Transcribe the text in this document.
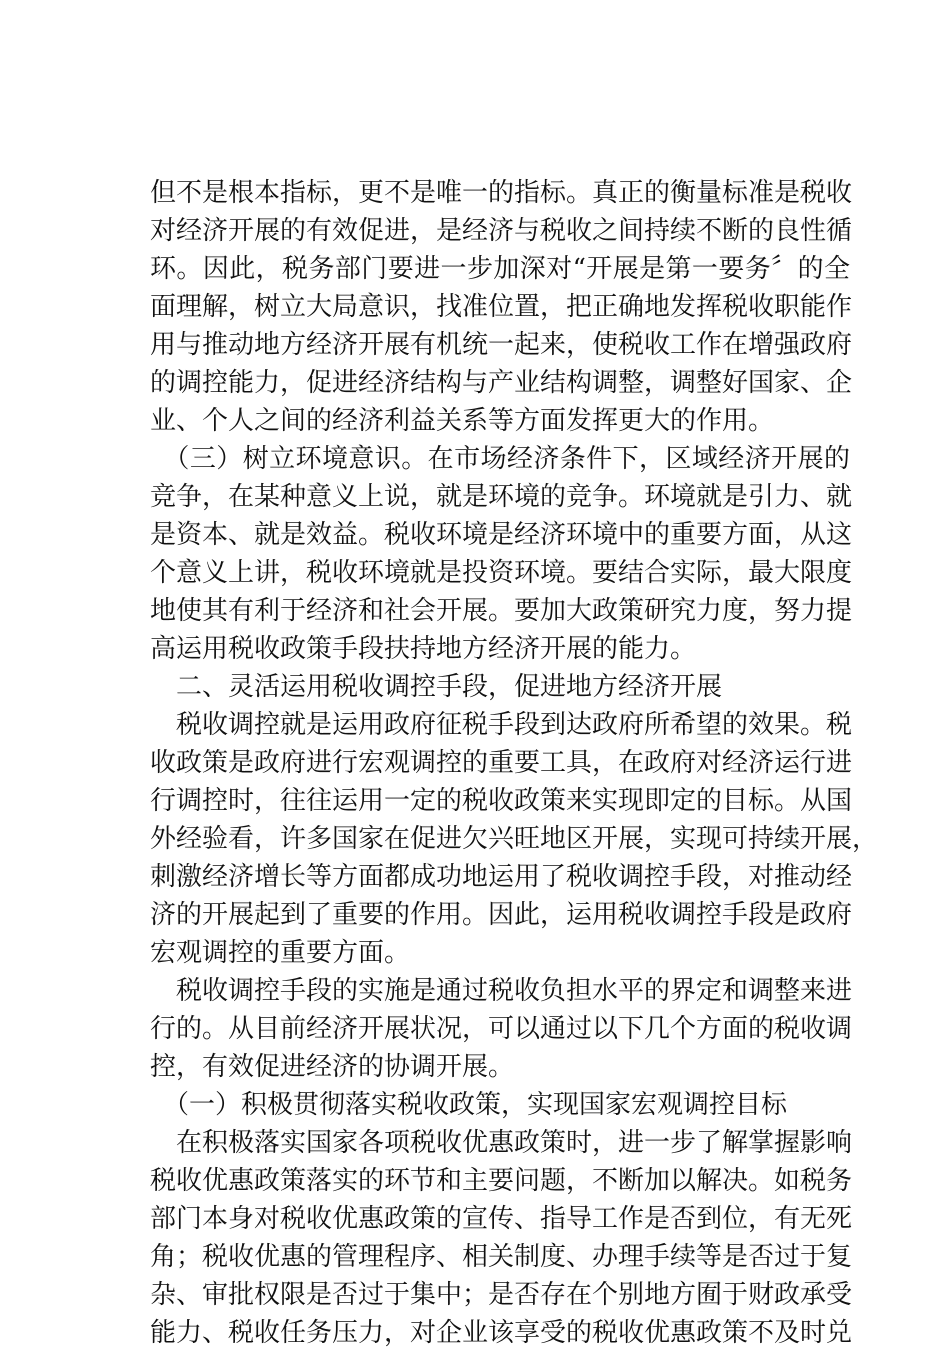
但不是根本指标，更不是唯一的指标。真正的衡量标准是税收
对经济开展的有效促进，是经济与税收之间持续不断的良性循
环。因此，税务部门要进一步加深对“开展是第一要务〞的全
面理解，树立大局意识，找准位置，把正确地发挥税收职能作
用与推动地方经济开展有机统一起来，使税收工作在增强政府
的调控能力，促进经济结构与产业结构调整，调整好国家、企
业、个人之间的经济利益关系等方面发挥更大的作用。
　（三）树立环境意识。在市场经济条件下，区域经济开展的
竞争，在某种意义上说，就是环境的竞争。环境就是引力、就
是资本、就是效益。税收环境是经济环境中的重要方面，从这
个意义上讲，税收环境就是投资环境。要结合实际，最大限度
地使其有利于经济和社会开展。要加大政策研究力度，努力提
高运用税收政策手段扶持地方经济开展的能力。
　二、灵活运用税收调控手段，促进地方经济开展
　税收调控就是运用政府征税手段到达政府所希望的效果。税
收政策是政府进行宏观调控的重要工具，在政府对经济运行进
行调控时，往往运用一定的税收政策来实现即定的目标。从国
外经验看，许多国家在促进欠兴旺地区开展，实现可持续开展，
刺激经济增长等方面都成功地运用了税收调控手段，对推动经
济的开展起到了重要的作用。因此，运用税收调控手段是政府
宏观调控的重要方面。
　税收调控手段的实施是通过税收负担水平的界定和调整来进
行的。从目前经济开展状况，可以通过以下几个方面的税收调
控，有效促进经济的协调开展。
　（一）积极贯彻落实税收政策，实现国家宏观调控目标
　在积极落实国家各项税收优惠政策时，进一步了解掌握影响
税收优惠政策落实的环节和主要问题，不断加以解决。如税务
部门本身对税收优惠政策的宣传、指导工作是否到位，有无死
角；税收优惠的管理程序、相关制度、办理手续等是否过于复
杂、审批权限是否过于集中；是否存在个别地方囿于财政承受
能力、税收任务压力，对企业该享受的税收优惠政策不及时兑
